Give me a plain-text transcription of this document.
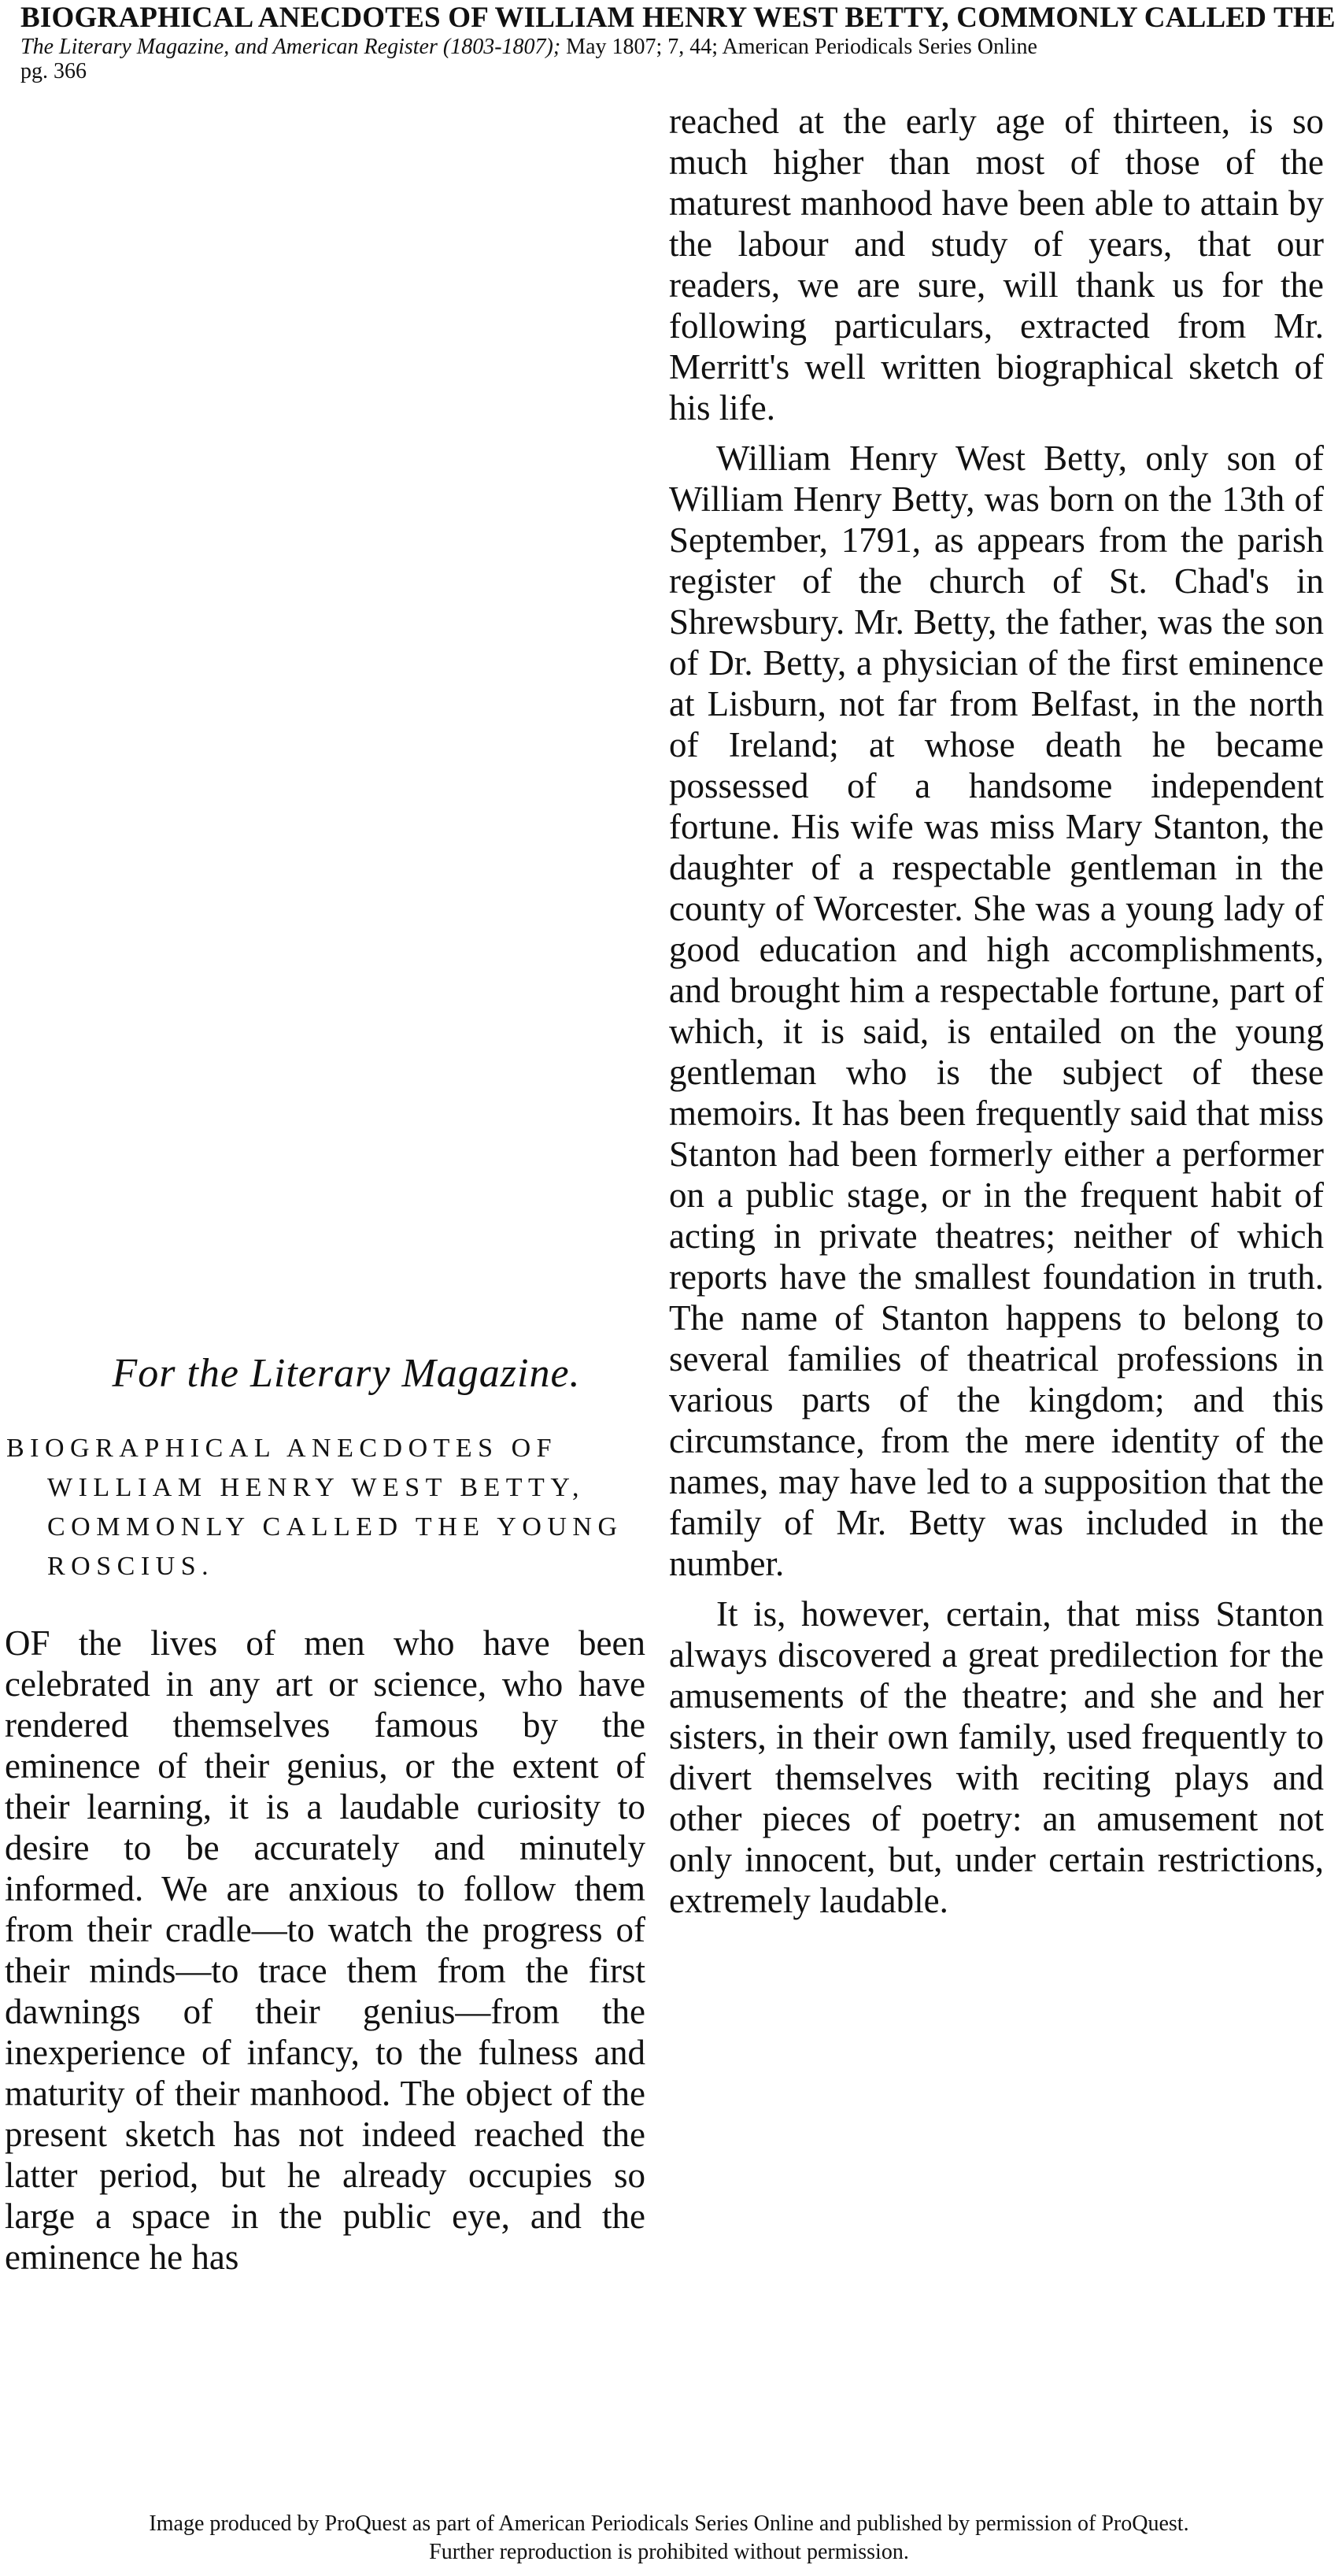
BIOGRAPHICAL ANECDOTES OF WILLIAM HENRY WEST BETTY, COMMONLY CALLED THE
The Literary Magazine, and American Register (1803-1807); May 1807; 7, 44; American Periodicals Series Online
pg. 366
For the Literary Magazine.
BIOGRAPHICAL ANECDOTES OF
WILLIAM HENRY WEST BETTY,
COMMONLY CALLED THE YOUNG
ROSCIUS.

OF the lives of men who have been celebrated in any art or science, who have rendered themselves famous by the eminence of their genius, or the extent of their learning, it is a laudable curiosity to desire to be accurately and minutely informed. We are anxious to follow them from their cradle—to watch the progress of their minds—to trace them from the first dawnings of their genius—from the inexperience of infancy, to the fulness and maturity of their manhood. The object of the present sketch has not indeed reached the latter period, but he already occupies so large a space in the public eye, and the eminence he has

reached at the early age of thirteen, is so much higher than most of those of the maturest manhood have been able to attain by the labour and study of years, that our readers, we are sure, will thank us for the following particulars, extracted from Mr. Merritt's well written biographical sketch of his life.

William Henry West Betty, only son of William Henry Betty, was born on the 13th of September, 1791, as appears from the parish register of the church of St. Chad's in Shrewsbury. Mr. Betty, the father, was the son of Dr. Betty, a physician of the first eminence at Lisburn, not far from Belfast, in the north of Ireland; at whose death he became possessed of a handsome independent fortune. His wife was miss Mary Stanton, the daughter of a respectable gentleman in the county of Worcester. She was a young lady of good education and high accomplishments, and brought him a respectable fortune, part of which, it is said, is entailed on the young gentleman who is the subject of these memoirs. It has been frequently said that miss Stanton had been formerly either a performer on a public stage, or in the frequent habit of acting in private theatres; neither of which reports have the smallest foundation in truth. The name of Stanton happens to belong to several families of theatrical professions in various parts of the kingdom; and this circumstance, from the mere identity of the names, may have led to a supposition that the family of Mr. Betty was included in the number.

It is, however, certain, that miss Stanton always discovered a great predilection for the amusements of the theatre; and she and her sisters, in their own family, used frequently to divert themselves with reciting plays and other pieces of poetry: an amusement not only innocent, but, under certain restrictions, extremely laudable.

Image produced by ProQuest as part of American Periodicals Series Online and published by permission of ProQuest.
Further reproduction is prohibited without permission.
